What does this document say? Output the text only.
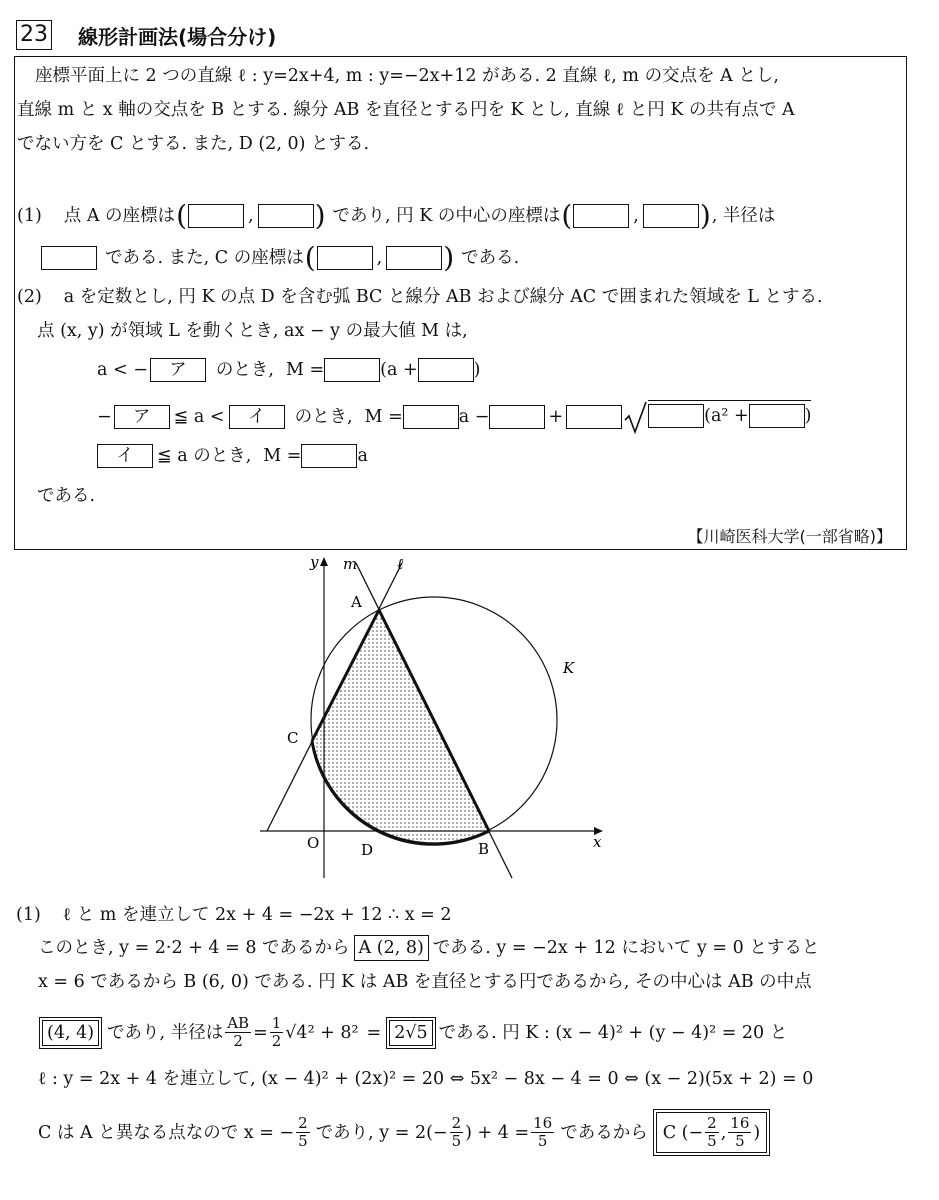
23 線形計画法(場合分け)
座標平面上に 2 つの直線 ℓ : y=2x+4, m : y=−2x+12 がある. 2 直線 ℓ, m の交点を A とし,
直線 m と x 軸の交点を B とする. 線分 AB を直径とする円を K とし, 直線 ℓ と円 K の共有点で A
でない方を C とする. また, D (2, 0) とする.
(1) 点 A の座標は (	, ) であり, 円 K の中心の座標は (	, ) , 半径は
である. また, C の座標は (	, ) である.
(2) a を定数とし, 円 K の点 D を含む弧 BC と線分 AB および線分 AC で囲まれた領域を L とする.
点 (x, y) が領域 L を動くとき, ax − y の最大値 M は,
a < −	ア	のとき, M =	(a +	)
−	ア	≦ a <	イ	のとき, M =	a −	+	(a² +	)
イ	≦ a のとき, M =	a
である.
【川崎医科大学(一部省略)】
y
x
m	ℓ
A
B
C
D
O
K
(1) ℓ と m を連立して 2x + 4 = −2x + 12 ∴ x = 2
このとき, y = 2·2 + 4 = 8 であるから A (2, 8) である. y = −2x + 12 において y = 0 とすると
x = 6 であるから B (6, 0) である. 円 K は AB を直径とする円であるから, その中心は AB の中点
(4, 4) であり, 半径は $\frac{AB}{2} = \frac{1}{2} √4^2 + 8^2 = 2√5$ である. 円 K : (x − 4)² + (y − 4)² = 20 と
ℓ : y = 2x + 4 を連立して, (x − 4)² + (2x)² = 20 ⇔ 5x² − 8x − 4 = 0 ⇔ (x − 2)(5x + 2) = 0
C は A と異なる点なので x = − $\frac{2}{5}$ であり, $y = 2(- \frac{2}{5}$ ) + $4 = \frac{16}{5}$ であるから C (− $\frac{2}{5}$ , $\frac{16}{5}$ )
